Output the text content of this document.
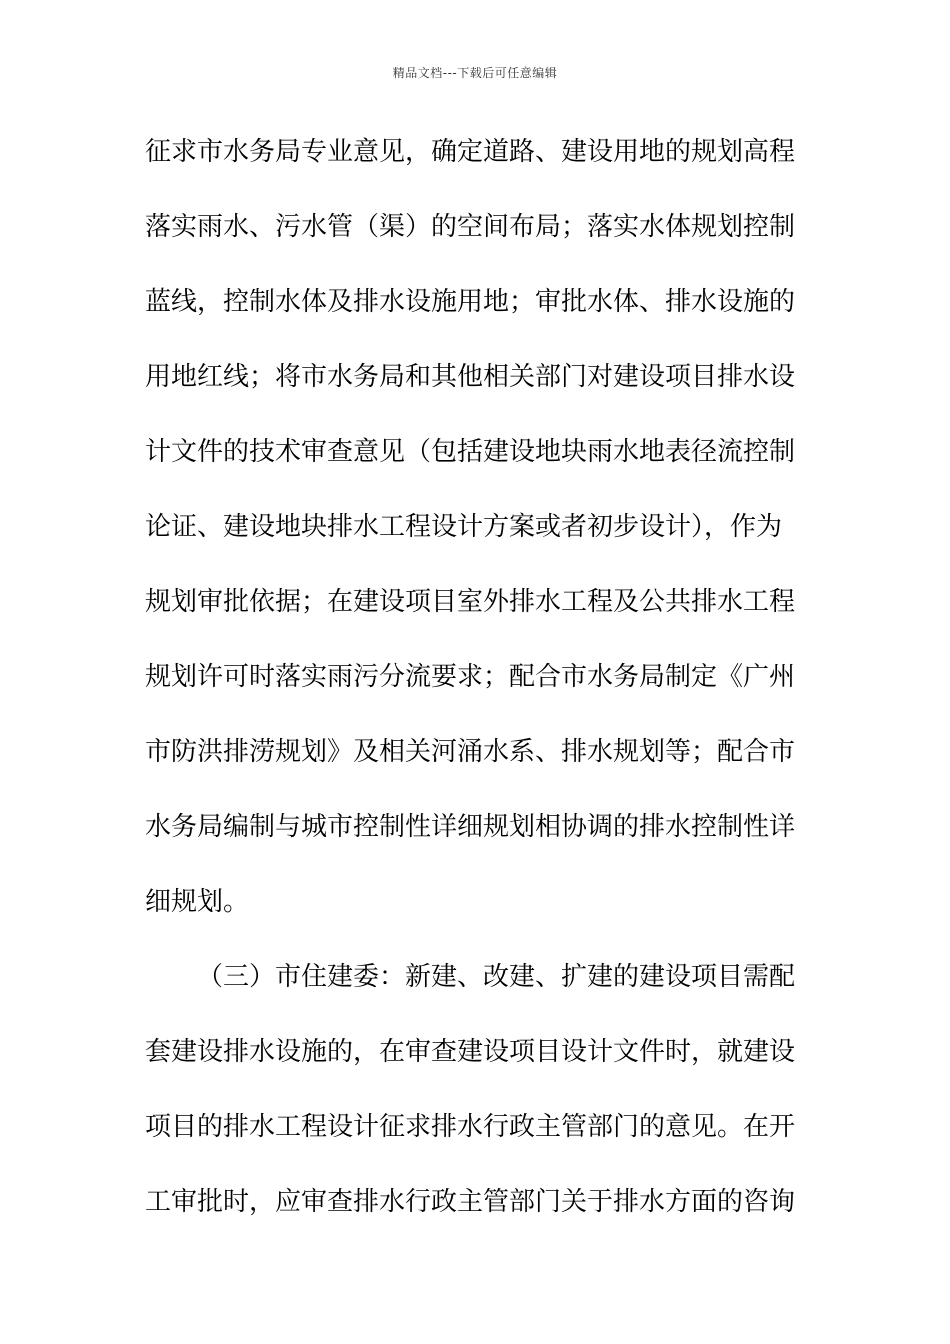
精品文档---下载后可任意编辑
征求市水务局专业意见，确定道路、建设用地的规划高程
落实雨水、污水管（渠）的空间布局；落实水体规划控制
蓝线，控制水体及排水设施用地；审批水体、排水设施的
用地红线；将市水务局和其他相关部门对建设项目排水设
计文件的技术审查意见（包括建设地块雨水地表径流控制
论证、建设地块排水工程设计方案或者初步设计），作为
规划审批依据；在建设项目室外排水工程及公共排水工程
规划许可时落实雨污分流要求；配合市水务局制定《广州
市防洪排涝规划》及相关河涌水系、排水规划等；配合市
水务局编制与城市控制性详细规划相协调的排水控制性详
细规划。
（三）市住建委：新建、改建、扩建的建设项目需配
套建设排水设施的，在审查建设项目设计文件时，就建设
项目的排水工程设计征求排水行政主管部门的意见。在开
工审批时，应审查排水行政主管部门关于排水方面的咨询
